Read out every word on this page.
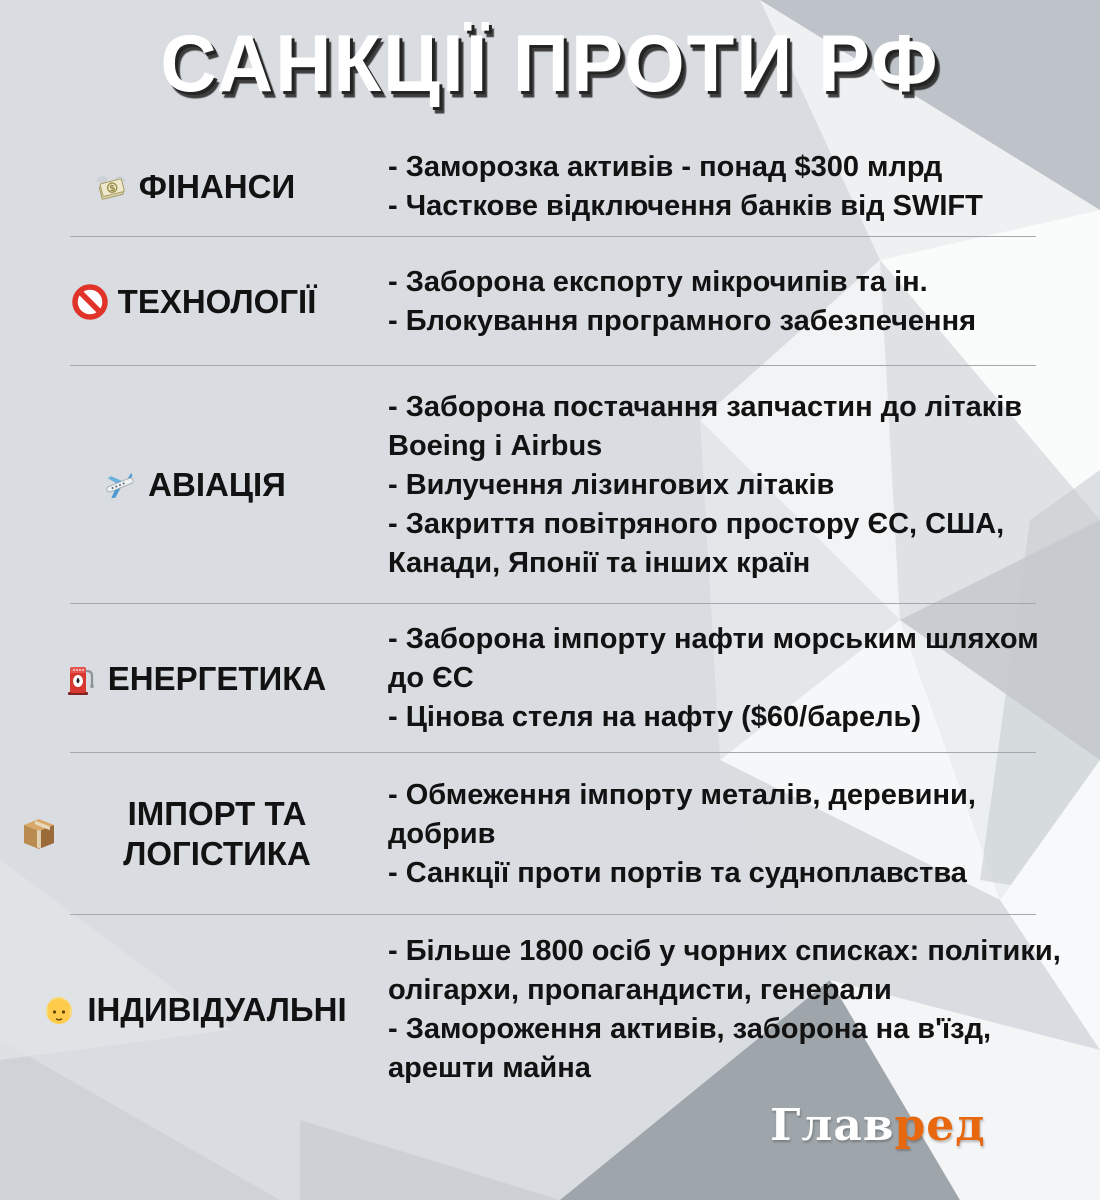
САНКЦІЇ ПРОТИ РФ
ФІНАНСИ
- Заморозка активів - понад $300 млрд
- Часткове відключення банків від SWIFT
ТЕХНОЛОГІЇ
- Заборона експорту мікрочипів та ін.
- Блокування програмного забезпечення
АВІАЦІЯ
- Заборона постачання запчастин до літаків Boeing і Airbus
- Вилучення лізингових літаків
- Закриття повітряного простору ЄС, США, Канади, Японії та інших країн
ЕНЕРГЕТИКА
- Заборона імпорту нафти морським шляхом до ЄС
- Цінова стеля на нафту ($60/барель)
ІМПОРТ ТА ЛОГІСТИКА
- Обмеження імпорту металів, деревини, добрив
- Санкції проти портів та судноплавства
ІНДИВІДУАЛЬНІ
- Більше 1800 осіб у чорних списках: політики, олігархи, пропагандисти, генерали
- Замороження активів, заборона на в'їзд, арешти майна
Главред
